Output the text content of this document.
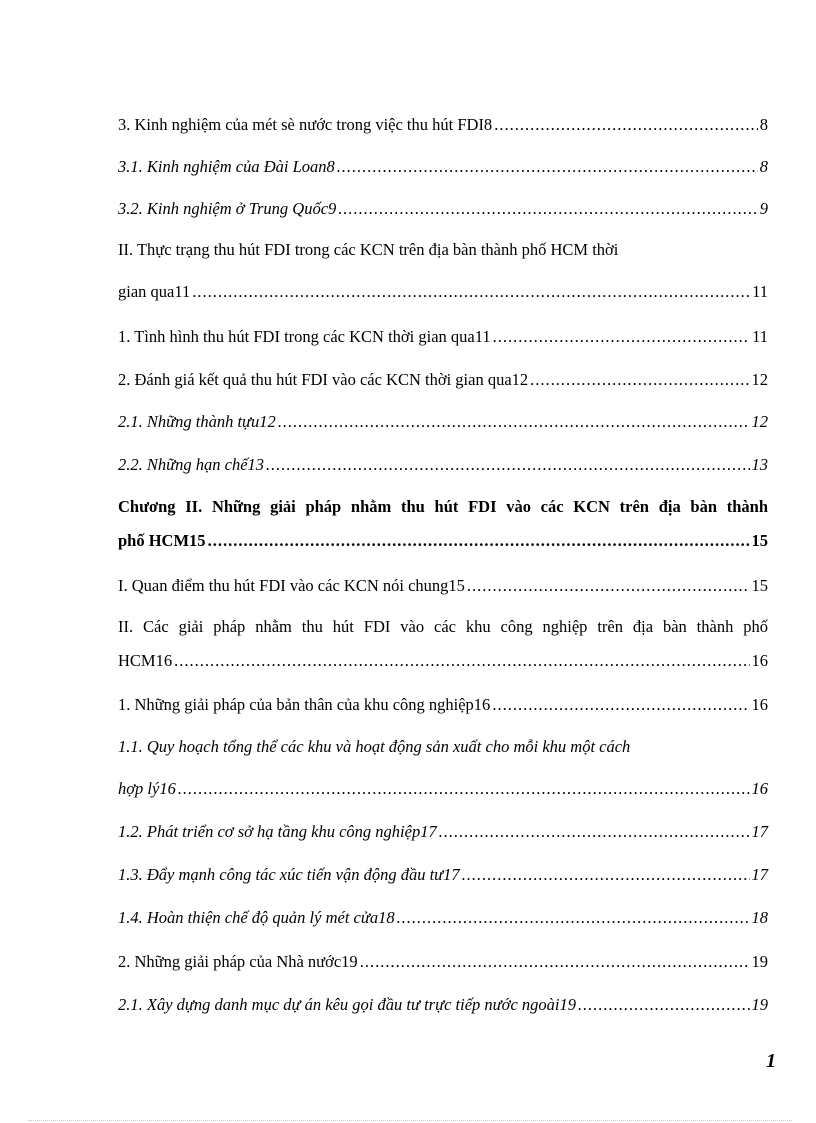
3. Kinh nghiệm của mét sè nước trong việc thu hút FDI8 .....	8
3.1. Kinh nghiệm của Đài Loan8 .....	8
3.2. Kinh nghiệm ở Trung Quốc9 .....	9
II. Thực trạng thu hút FDI trong các KCN trên địa bàn thành phố HCM thời
gian qua11 .....	11
1. Tình hình thu hút FDI trong các KCN thời gian qua11 .....	11
2. Đánh giá kết quả thu hút FDI vào các KCN thời gian qua12 .....	12
2.1. Những thành tựu12 .....	12
2.2. Những hạn chế13 .....	13
Chương II. Những giải pháp nhằm thu hút FDI vào các KCN trên địa bàn thành
phố HCM15 .....	15
I. Quan điểm thu hút FDI vào các KCN nói chung15 .....	15
II. Các giải pháp nhằm thu hút FDI vào các khu công nghiệp trên địa bàn thành phố
HCM16 .....	16
1. Những giải pháp của bản thân của khu công nghiệp16 .....	16
1.1. Quy hoạch tổng thể các khu và hoạt động sản xuất cho mỗi khu một cách
hợp lý16 .....	16
1.2. Phát triển cơ sở hạ tầng khu công nghiệp17 .....	17
1.3. Đẩy mạnh công tác xúc tiến vận động đầu tư17 .....	17
1.4. Hoàn thiện chế độ quản lý mét cửa18 .....	18
2. Những giải pháp của Nhà nước19 .....	19
2.1. Xây dựng danh mục dự án kêu gọi đầu tư trực tiếp nước ngoài19 .....	19
1
